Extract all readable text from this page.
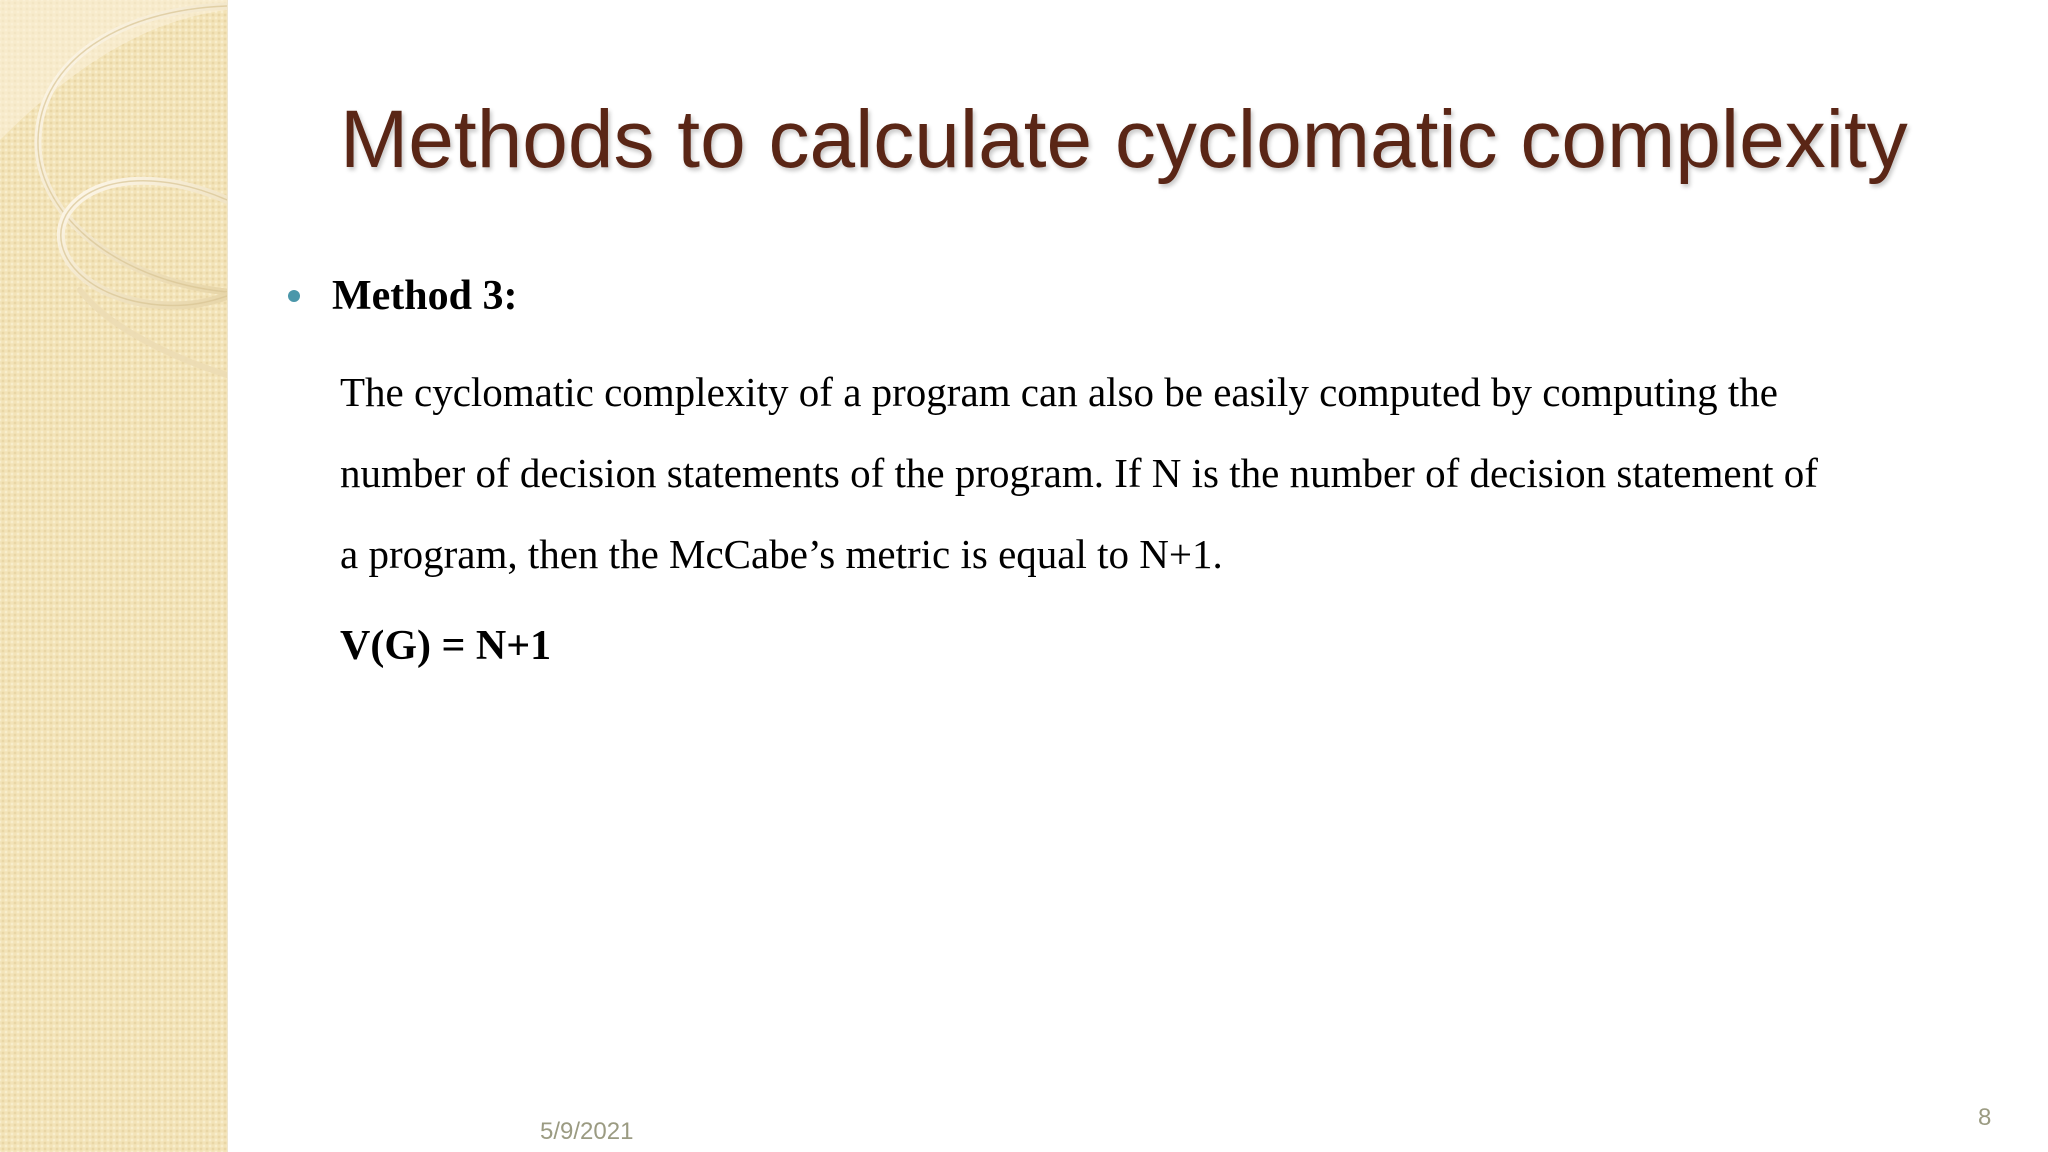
Methods to calculate cyclomatic complexity
Method 3:
The cyclomatic complexity of a program can also be easily computed by computing the
number of decision statements of the program. If N is the number of decision statement of
a program, then the McCabe’s metric is equal to N+1.
V(G) = N+1
5/9/2021
8
